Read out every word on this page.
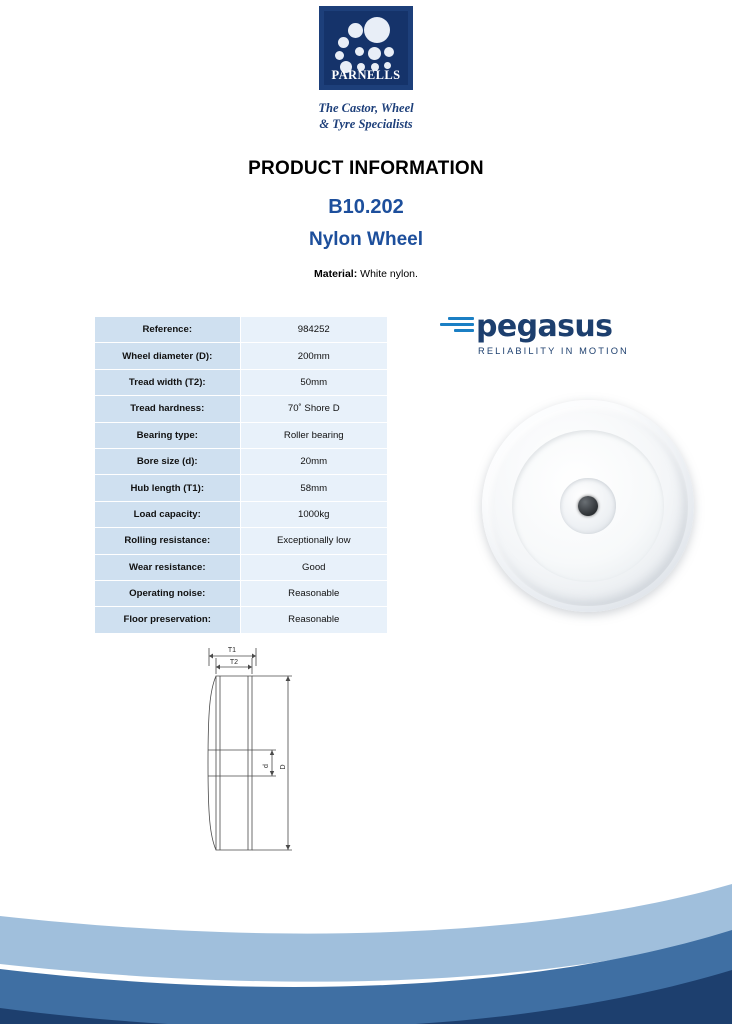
PARNELLS
The Castor, Wheel
& Tyre Specialists
PRODUCT INFORMATION
B10.202
Nylon Wheel
Material: White nylon.
Reference:	984252
Wheel diameter (D):	200mm
Tread width (T2):	50mm
Tread hardness:	70˚ Shore D
Bearing type:	Roller bearing
Bore size (d):	20mm
Hub length (T1):	58mm
Load capacity:	1000kg
Rolling resistance:	Exceptionally low
Wear resistance:	Good
Operating noise:	Reasonable
Floor preservation:	Reasonable
pegasus
RELIABILITY IN MOTION
T1
T2
D
d
